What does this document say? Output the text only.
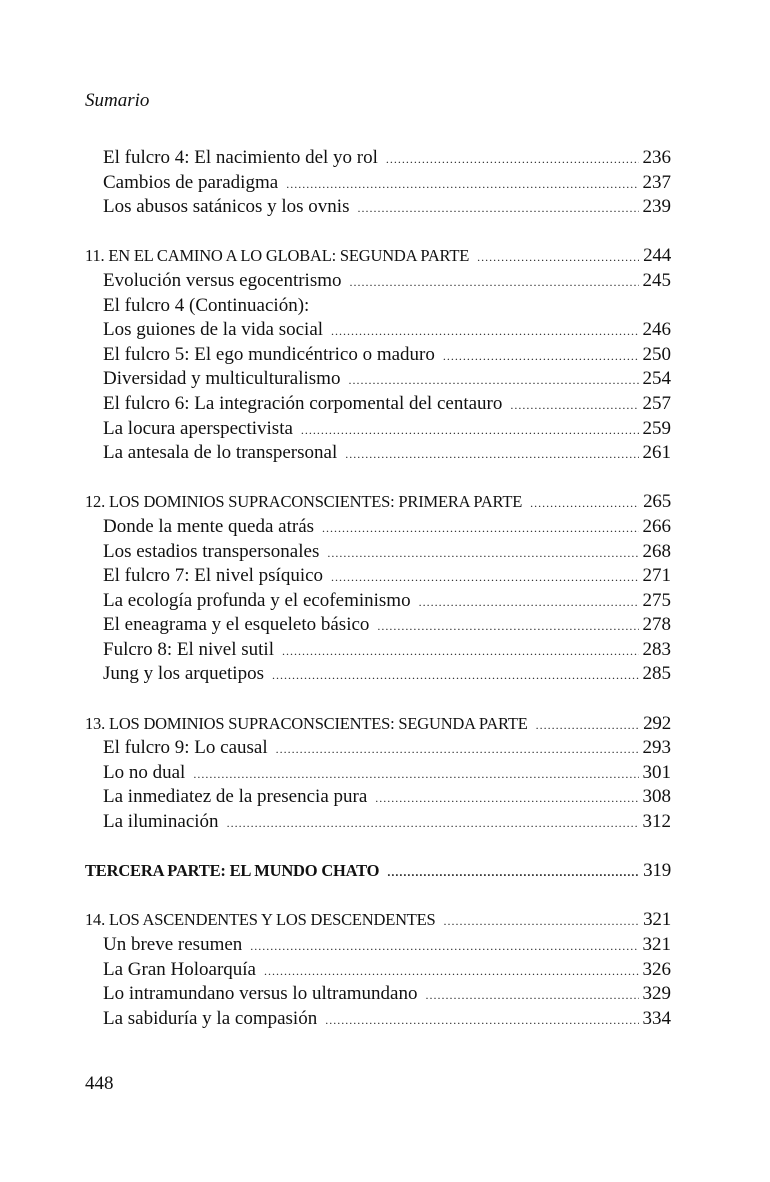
Sumario
El fulcro 4: El nacimiento del yo rol .....	236
Cambios de paradigma .....	237
Los abusos satánicos y los ovnis .....	239
11. EN EL CAMINO A LO GLOBAL: SEGUNDA PARTE .....	244
Evolución versus egocentrismo .....	245
El fulcro 4 (Continuación):
Los guiones de la vida social .....	246
El fulcro 5: El ego mundicéntrico o maduro .....	250
Diversidad y multiculturalismo .....	254
El fulcro 6: La integración corpomental del centauro .....	257
La locura aperspectivista .....	259
La antesala de lo transpersonal .....	261
12. LOS DOMINIOS SUPRACONSCIENTES: PRIMERA PARTE .....	265
Donde la mente queda atrás .....	266
Los estadios transpersonales .....	268
El fulcro 7: El nivel psíquico .....	271
La ecología profunda y el ecofeminismo .....	275
El eneagrama y el esqueleto básico .....	278
Fulcro 8: El nivel sutil .....	283
Jung y los arquetipos .....	285
13. LOS DOMINIOS SUPRACONSCIENTES: SEGUNDA PARTE .....	292
El fulcro 9: Lo causal .....	293
Lo no dual .....	301
La inmediatez de la presencia pura .....	308
La iluminación .....	312
TERCERA PARTE: EL MUNDO CHATO .....	319
14. LOS ASCENDENTES Y LOS DESCENDENTES .....	321
Un breve resumen .....	321
La Gran Holoarquía .....	326
Lo intramundano versus lo ultramundano .....	329
La sabiduría y la compasión .....	334
448
